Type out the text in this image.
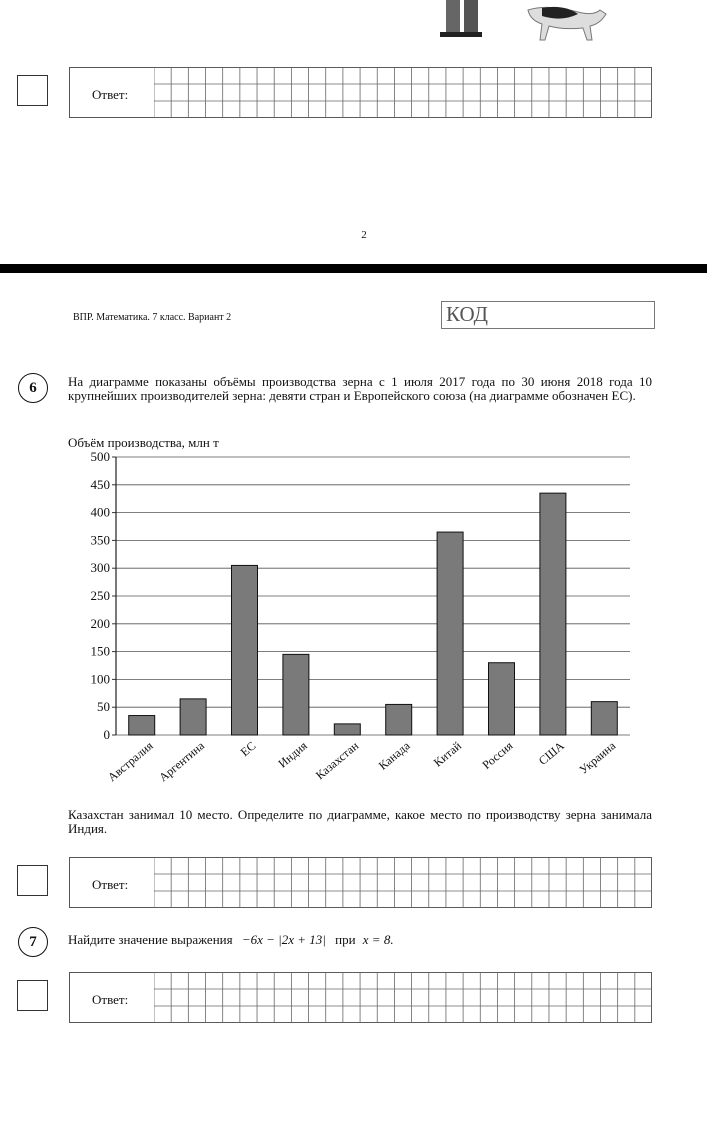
Ответ:
2
ВПР. Математика. 7 класс. Вариант 2	КОД
6	На диаграмме показаны объёмы производства зерна с 1 июля 2017 года по 30 июня 2018 года 10 крупнейших производителей зерна: девяти стран и Европейского союза (на диаграмме обозначен ЕС).
Объём производства, млн т
0
50
100
150
200
250
300
350
400
450
500
Австралия Аргентина	ЕС Индия Казахстан Канада Китай Россия США Украина
Казахстан занимал 10 место. Определите по диаграмме, какое место по производству зерна занимала Индия.
Ответ:
7	Найдите значение выражения −6x − |2x + 13| при x = 8.
Ответ:
